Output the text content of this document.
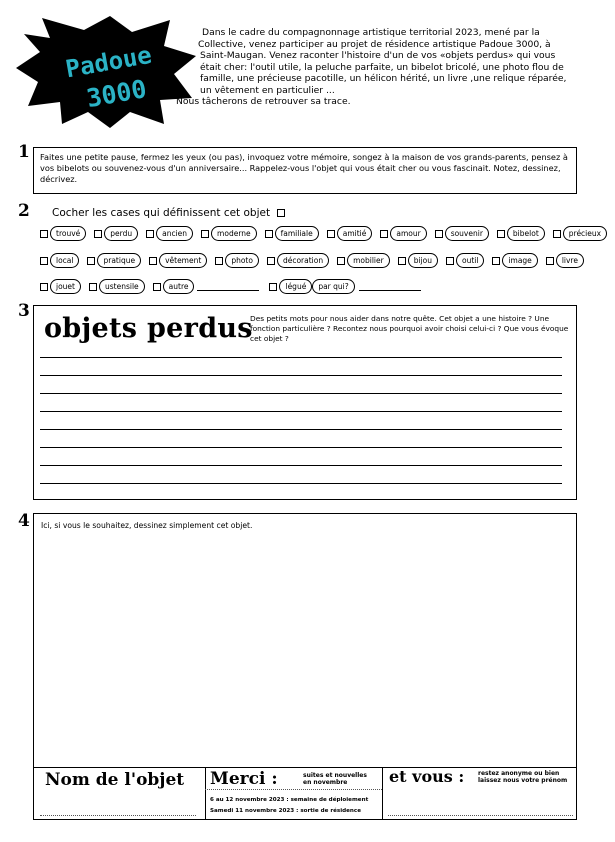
Padoue
3000
Dans le cadre du compagnonnage artistique territorial 2023, mené par la
Collective, venez participer au projet de résidence artistique Padoue 3000, à
Saint-Maugan. Venez raconter l'histoire d'un de vos «objets perdus» qui vous
était cher: l'outil utile, la peluche parfaite, un bibelot bricolé, une photo flou de
famille, une précieuse pacotille, un hélicon hérité, un livre ,une relique réparée,
un vêtement en particulier ...
Nous tâcherons de retrouver sa trace.
1	Faites une petite pause, fermez les yeux (ou pas), invoquez votre mémoire, songez à la maison de vos grands-parents, pensez à vos bibelots ou souvenez-vous d'un anniversaire... Rappelez-vous l'objet qui vous était cher ou vous fascinait. Notez, dessinez, décrivez.
2 Cocher les cases qui définissent cet objet
trouvé	perdu	ancien	moderne	familiale	amitié	amour	souvenir	bibelot	précieux
local	pratique	vêtement	photo	décoration	mobilier	bijou	outil	image	livre
jouet	ustensile	autre	légué	par qui?
3
objets perdus
Des petits mots pour nous aider dans notre quête. Cet objet a une histoire ? Une fonction particulière ? Recontez nous pourquoi avoir choisi celui-ci ? Que vous évoque cet objet ?
4 Ici, si vous le souhaitez, dessinez simplement cet objet.
Nom de l'objet Merci :	suites et nouvelles
en novembre
6 au 12 novembre 2023 : semaine de déploiement
Samedi 11 novembre 2023 : sortie de résidence
et vous : restez anonyme ou bien
laissez nous votre prénom
